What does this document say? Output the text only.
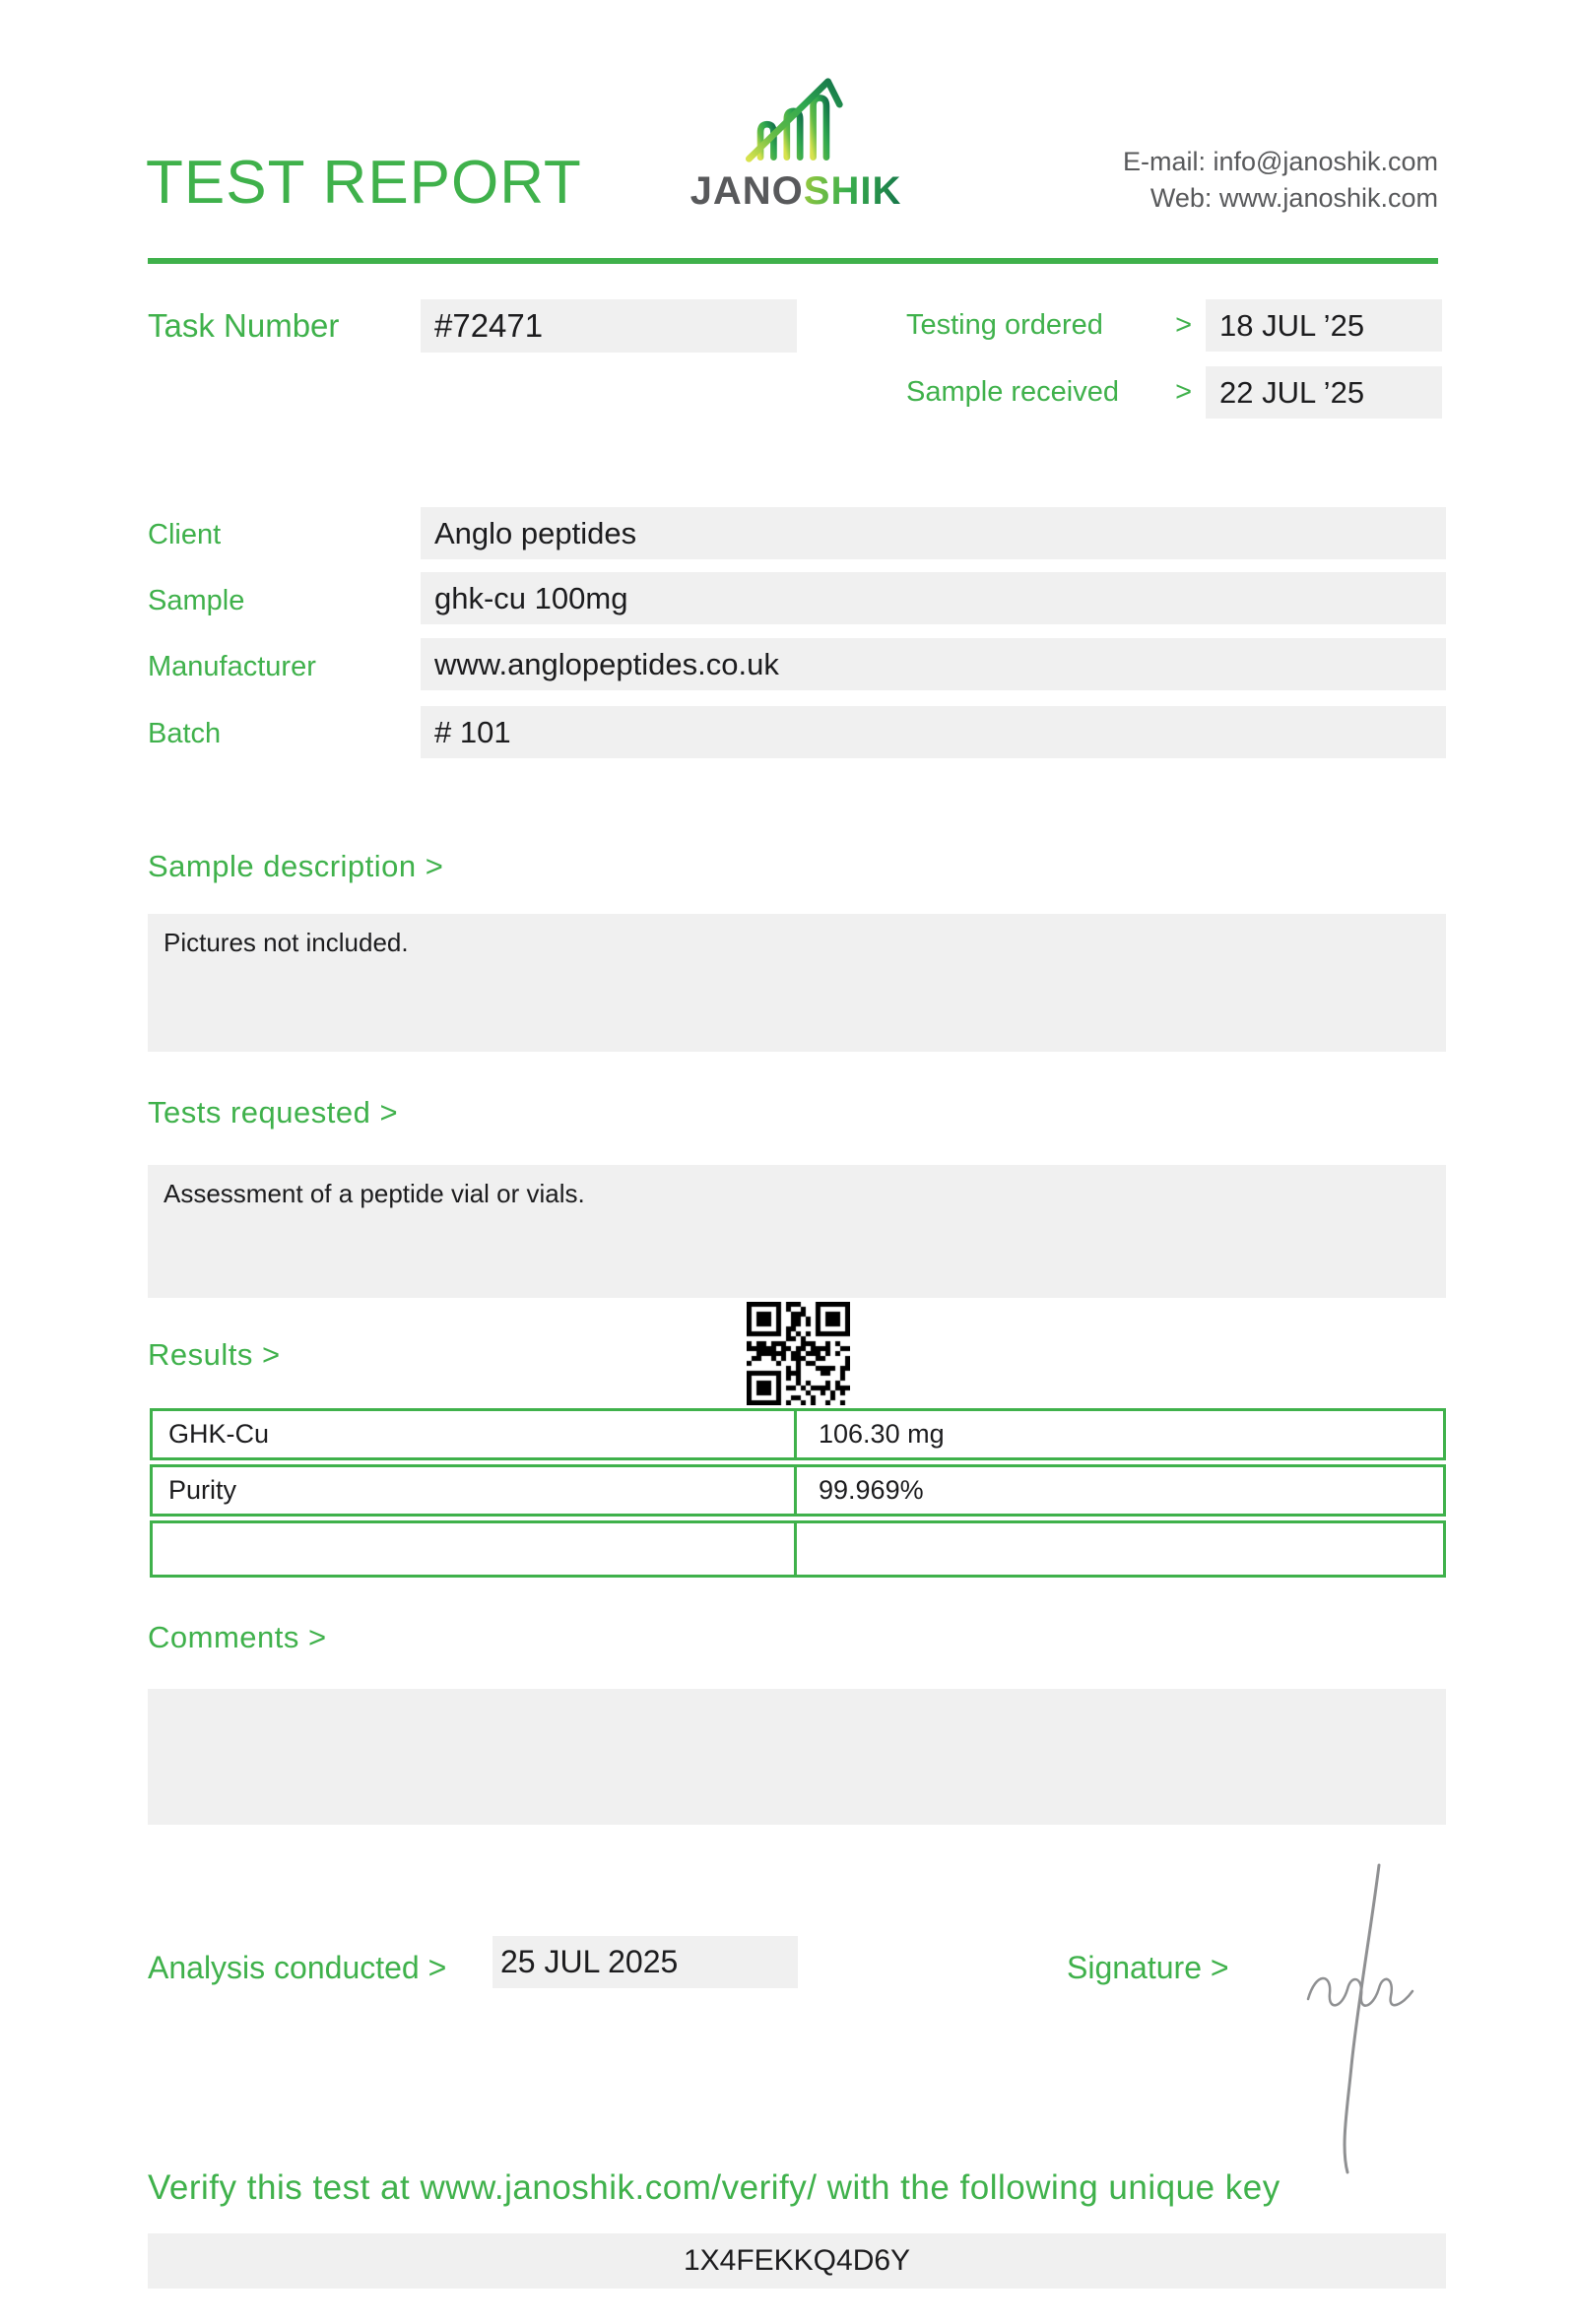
TEST REPORT	JANOSHIK
E-mail: info@janoshik.com
Web: www.janoshik.com
Task Number	#72471	Testing ordered	> 18 JUL ’25
Sample received > 22 JUL ’25
Client	Anglo peptides
Sample	ghk-cu 100mg
Manufacturer	www.anglopeptides.co.uk
Batch	# 101
Sample description >
Pictures not included.
Tests requested >
Assessment of a peptide vial or vials.
Results >
GHK-Cu	106.30 mg
Purity	99.969%
Comments >
Analysis conducted > 25 JUL 2025	Signature >
Verify this test at www.janoshik.com/verify/ with the following unique key
1X4FEKKQ4D6Y
